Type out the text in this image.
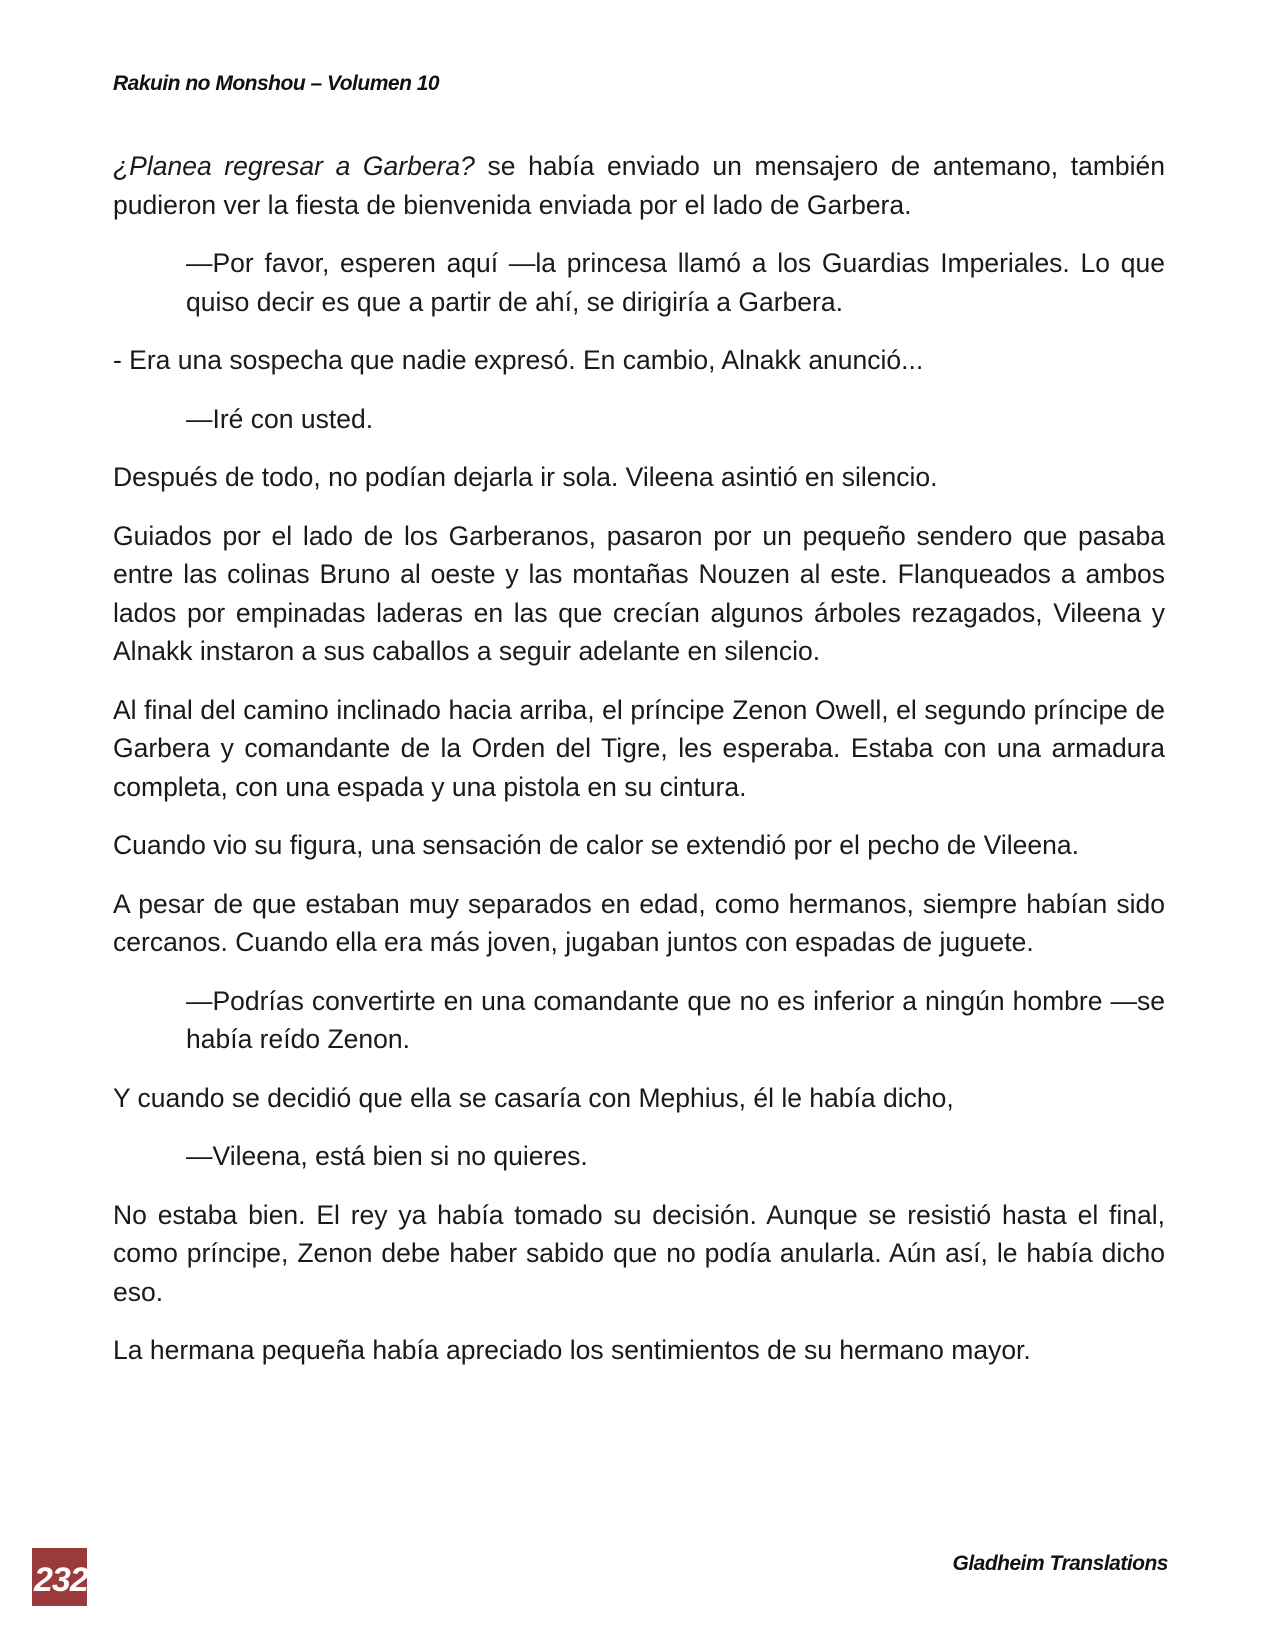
Rakuin no Monshou – Volumen 10

¿Planea regresar a Garbera? se había enviado un mensajero de antemano, también pudieron ver la fiesta de bienvenida enviada por el lado de Garbera.

—Por favor, esperen aquí —la princesa llamó a los Guardias Imperiales. Lo que quiso decir es que a partir de ahí, se dirigiría a Garbera.

- Era una sospecha que nadie expresó. En cambio, Alnakk anunció...

—Iré con usted.

Después de todo, no podían dejarla ir sola. Vileena asintió en silencio.

Guiados por el lado de los Garberanos, pasaron por un pequeño sendero que pasaba entre las colinas Bruno al oeste y las montañas Nouzen al este. Flanqueados a ambos lados por empinadas laderas en las que crecían algunos árboles rezagados, Vileena y Alnakk instaron a sus caballos a seguir adelante en silencio.

Al final del camino inclinado hacia arriba, el príncipe Zenon Owell, el segundo príncipe de Garbera y comandante de la Orden del Tigre, les esperaba. Estaba con una armadura completa, con una espada y una pistola en su cintura.

Cuando vio su figura, una sensación de calor se extendió por el pecho de Vileena.

A pesar de que estaban muy separados en edad, como hermanos, siempre habían sido cercanos. Cuando ella era más joven, jugaban juntos con espadas de juguete.

—Podrías convertirte en una comandante que no es inferior a ningún hombre —se había reído Zenon.

Y cuando se decidió que ella se casaría con Mephius, él le había dicho,

—Vileena, está bien si no quieres.

No estaba bien. El rey ya había tomado su decisión. Aunque se resistió hasta el final, como príncipe, Zenon debe haber sabido que no podía anularla. Aún así, le había dicho eso.

La hermana pequeña había apreciado los sentimientos de su hermano mayor.

232	Gladheim Translations
